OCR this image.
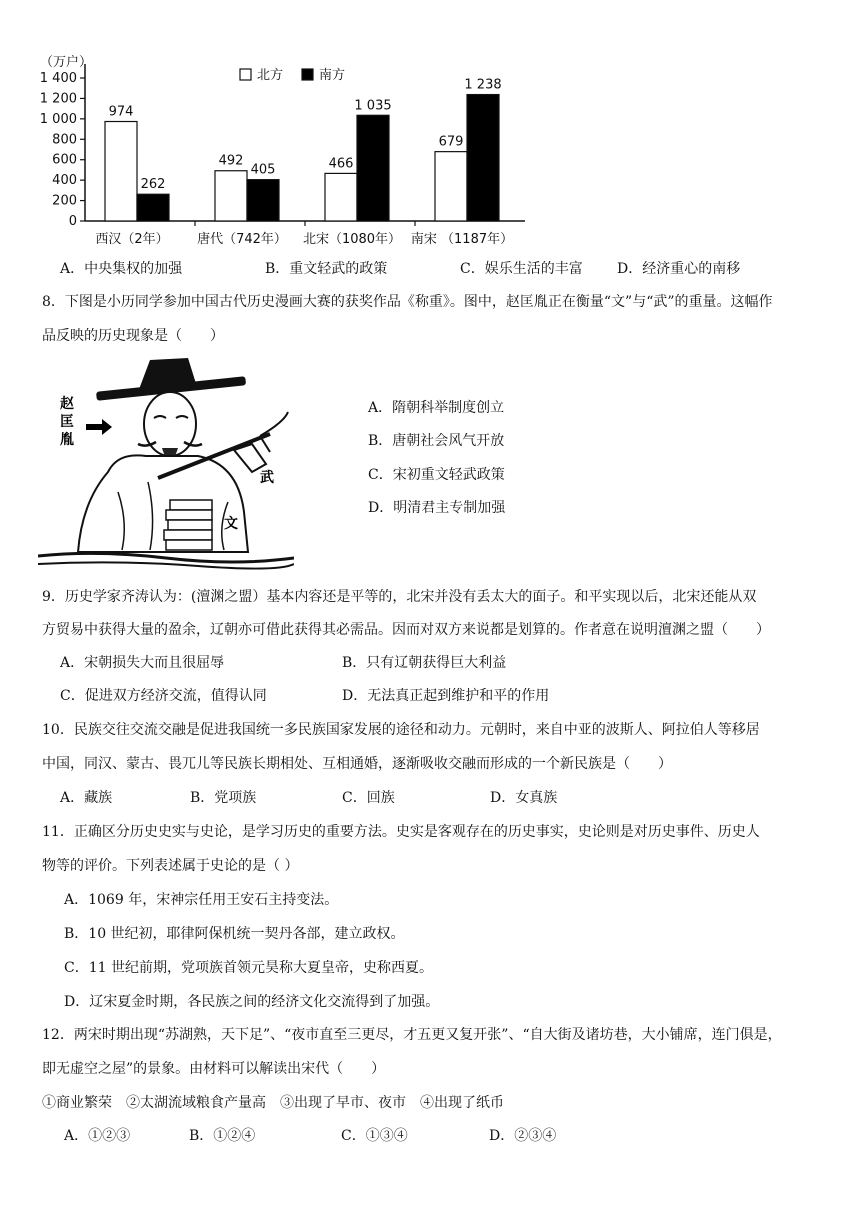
（万户）
0
200
400
600
800
1 000
1 200
1 400
西汉（2年） 唐代（742年） 北宋（1080年） 南宋 （1187年）
974
492	466
679
262
405
1 035
1 238
北方	南方
A．中央集权的加强	B．重文轻武的政策	C．娱乐生活的丰富 D．经济重心的南移
8．下图是小历同学参加中国古代历史漫画大赛的获奖作品《称重》。图中，赵匡胤正在衡量“文”与“武”的重量。这幅作
品反映的历史现象是（　　）
赵匡胤
武
文
A．隋朝科举制度创立
B．唐朝社会风气开放
C．宋初重文轻武政策
D．明清君主专制加强
9．历史学家齐涛认为：(澶渊之盟）基本内容还是平等的，北宋并没有丢太大的面子。和平实现以后，北宋还能从双
方贸易中获得大量的盈余，辽朝亦可借此获得其必需品。因而对双方来说都是划算的。作者意在说明澶渊之盟（　　）
A．宋朝损失大而且很屈辱	B．只有辽朝获得巨大利益
C．促进双方经济交流，值得认同	D．无法真正起到维护和平的作用
10．民族交往交流交融是促进我国统一多民族国家发展的途径和动力。元朝时，来自中亚的波斯人、阿拉伯人等移居
中国，同汉、蒙古、畏兀儿等民族长期相处、互相通婚，逐渐吸收交融而形成的一个新民族是（　　）
A．藏族	B．党项族	C．回族	D．女真族
11．正确区分历史史实与史论，是学习历史的重要方法。史实是客观存在的历史事实，史论则是对历史事件、历史人
物等的评价。下列表述属于史论的是（ ）
A．1069 年，宋神宗任用王安石主持变法。
B．10 世纪初，耶律阿保机统一契丹各部，建立政权。
C．11 世纪前期，党项族首领元昊称大夏皇帝，史称西夏。
D．辽宋夏金时期，各民族之间的经济文化交流得到了加强。
12．两宋时期出现“苏湖熟，天下足”、“夜市直至三更尽，才五更又复开张”、“自大街及诸坊巷，大小铺席，连门俱是，
即无虚空之屋”的景象。由材料可以解读出宋代（　　）
①商业繁荣　②太湖流域粮食产量高　③出现了早市、夜市　④出现了纸币
A．①②③	B．①②④	C．①③④	D．②③④
